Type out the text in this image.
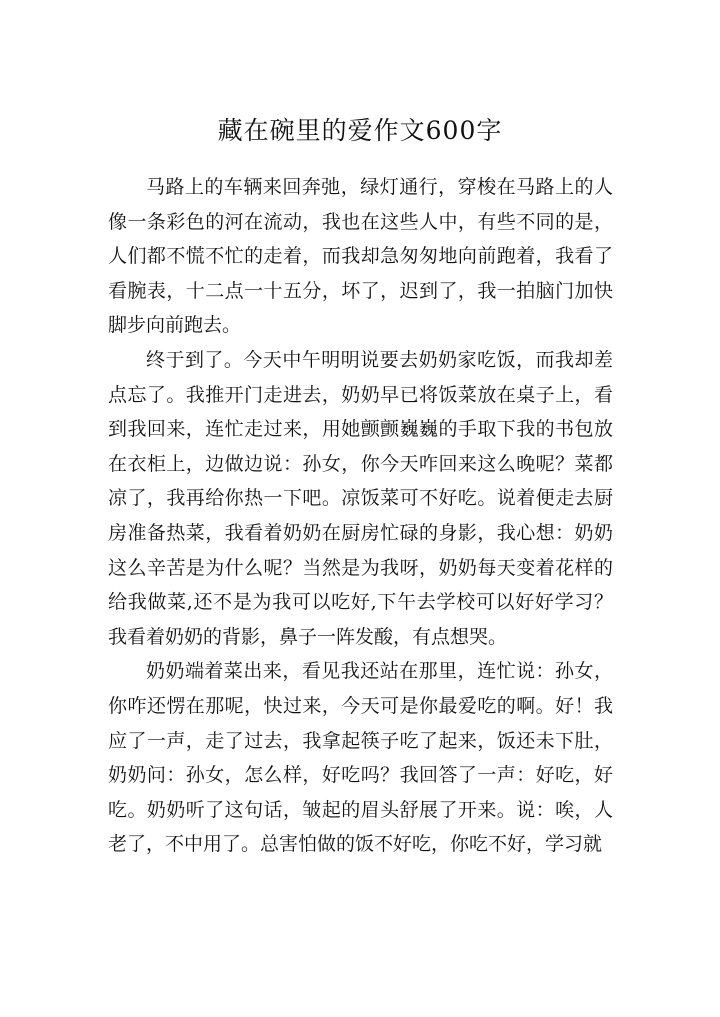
藏在碗里的爱作文600字

马路上的车辆来回奔弛，绿灯通行，穿梭在马路上的人像一条彩色的河在流动，我也在这些人中，有些不同的是，人们都不慌不忙的走着，而我却急匆匆地向前跑着，我看了看腕表，十二点一十五分，坏了，迟到了，我一拍脑门加快脚步向前跑去。

终于到了。今天中午明明说要去奶奶家吃饭，而我却差点忘了。我推开门走进去，奶奶早已将饭菜放在桌子上，看到我回来，连忙走过来，用她颤颤巍巍的手取下我的书包放在衣柜上，边做边说：孙女，你今天咋回来这么晚呢？菜都凉了，我再给你热一下吧。凉饭菜可不好吃。说着便走去厨房准备热菜，我看着奶奶在厨房忙碌的身影，我心想：奶奶这么辛苦是为什么呢？当然是为我呀，奶奶每天变着花样的给我做菜,还不是为我可以吃好,下午去学校可以好好学习？我看着奶奶的背影，鼻子一阵发酸，有点想哭。

奶奶端着菜出来，看见我还站在那里，连忙说：孙女，你咋还愣在那呢，快过来，今天可是你最爱吃的啊。好！我应了一声，走了过去，我拿起筷子吃了起来，饭还未下肚，奶奶问：孙女，怎么样，好吃吗？我回答了一声：好吃，好吃。奶奶听了这句话，皱起的眉头舒展了开来。说：唉，人老了，不中用了。总害怕做的饭不好吃，你吃不好，学习就
